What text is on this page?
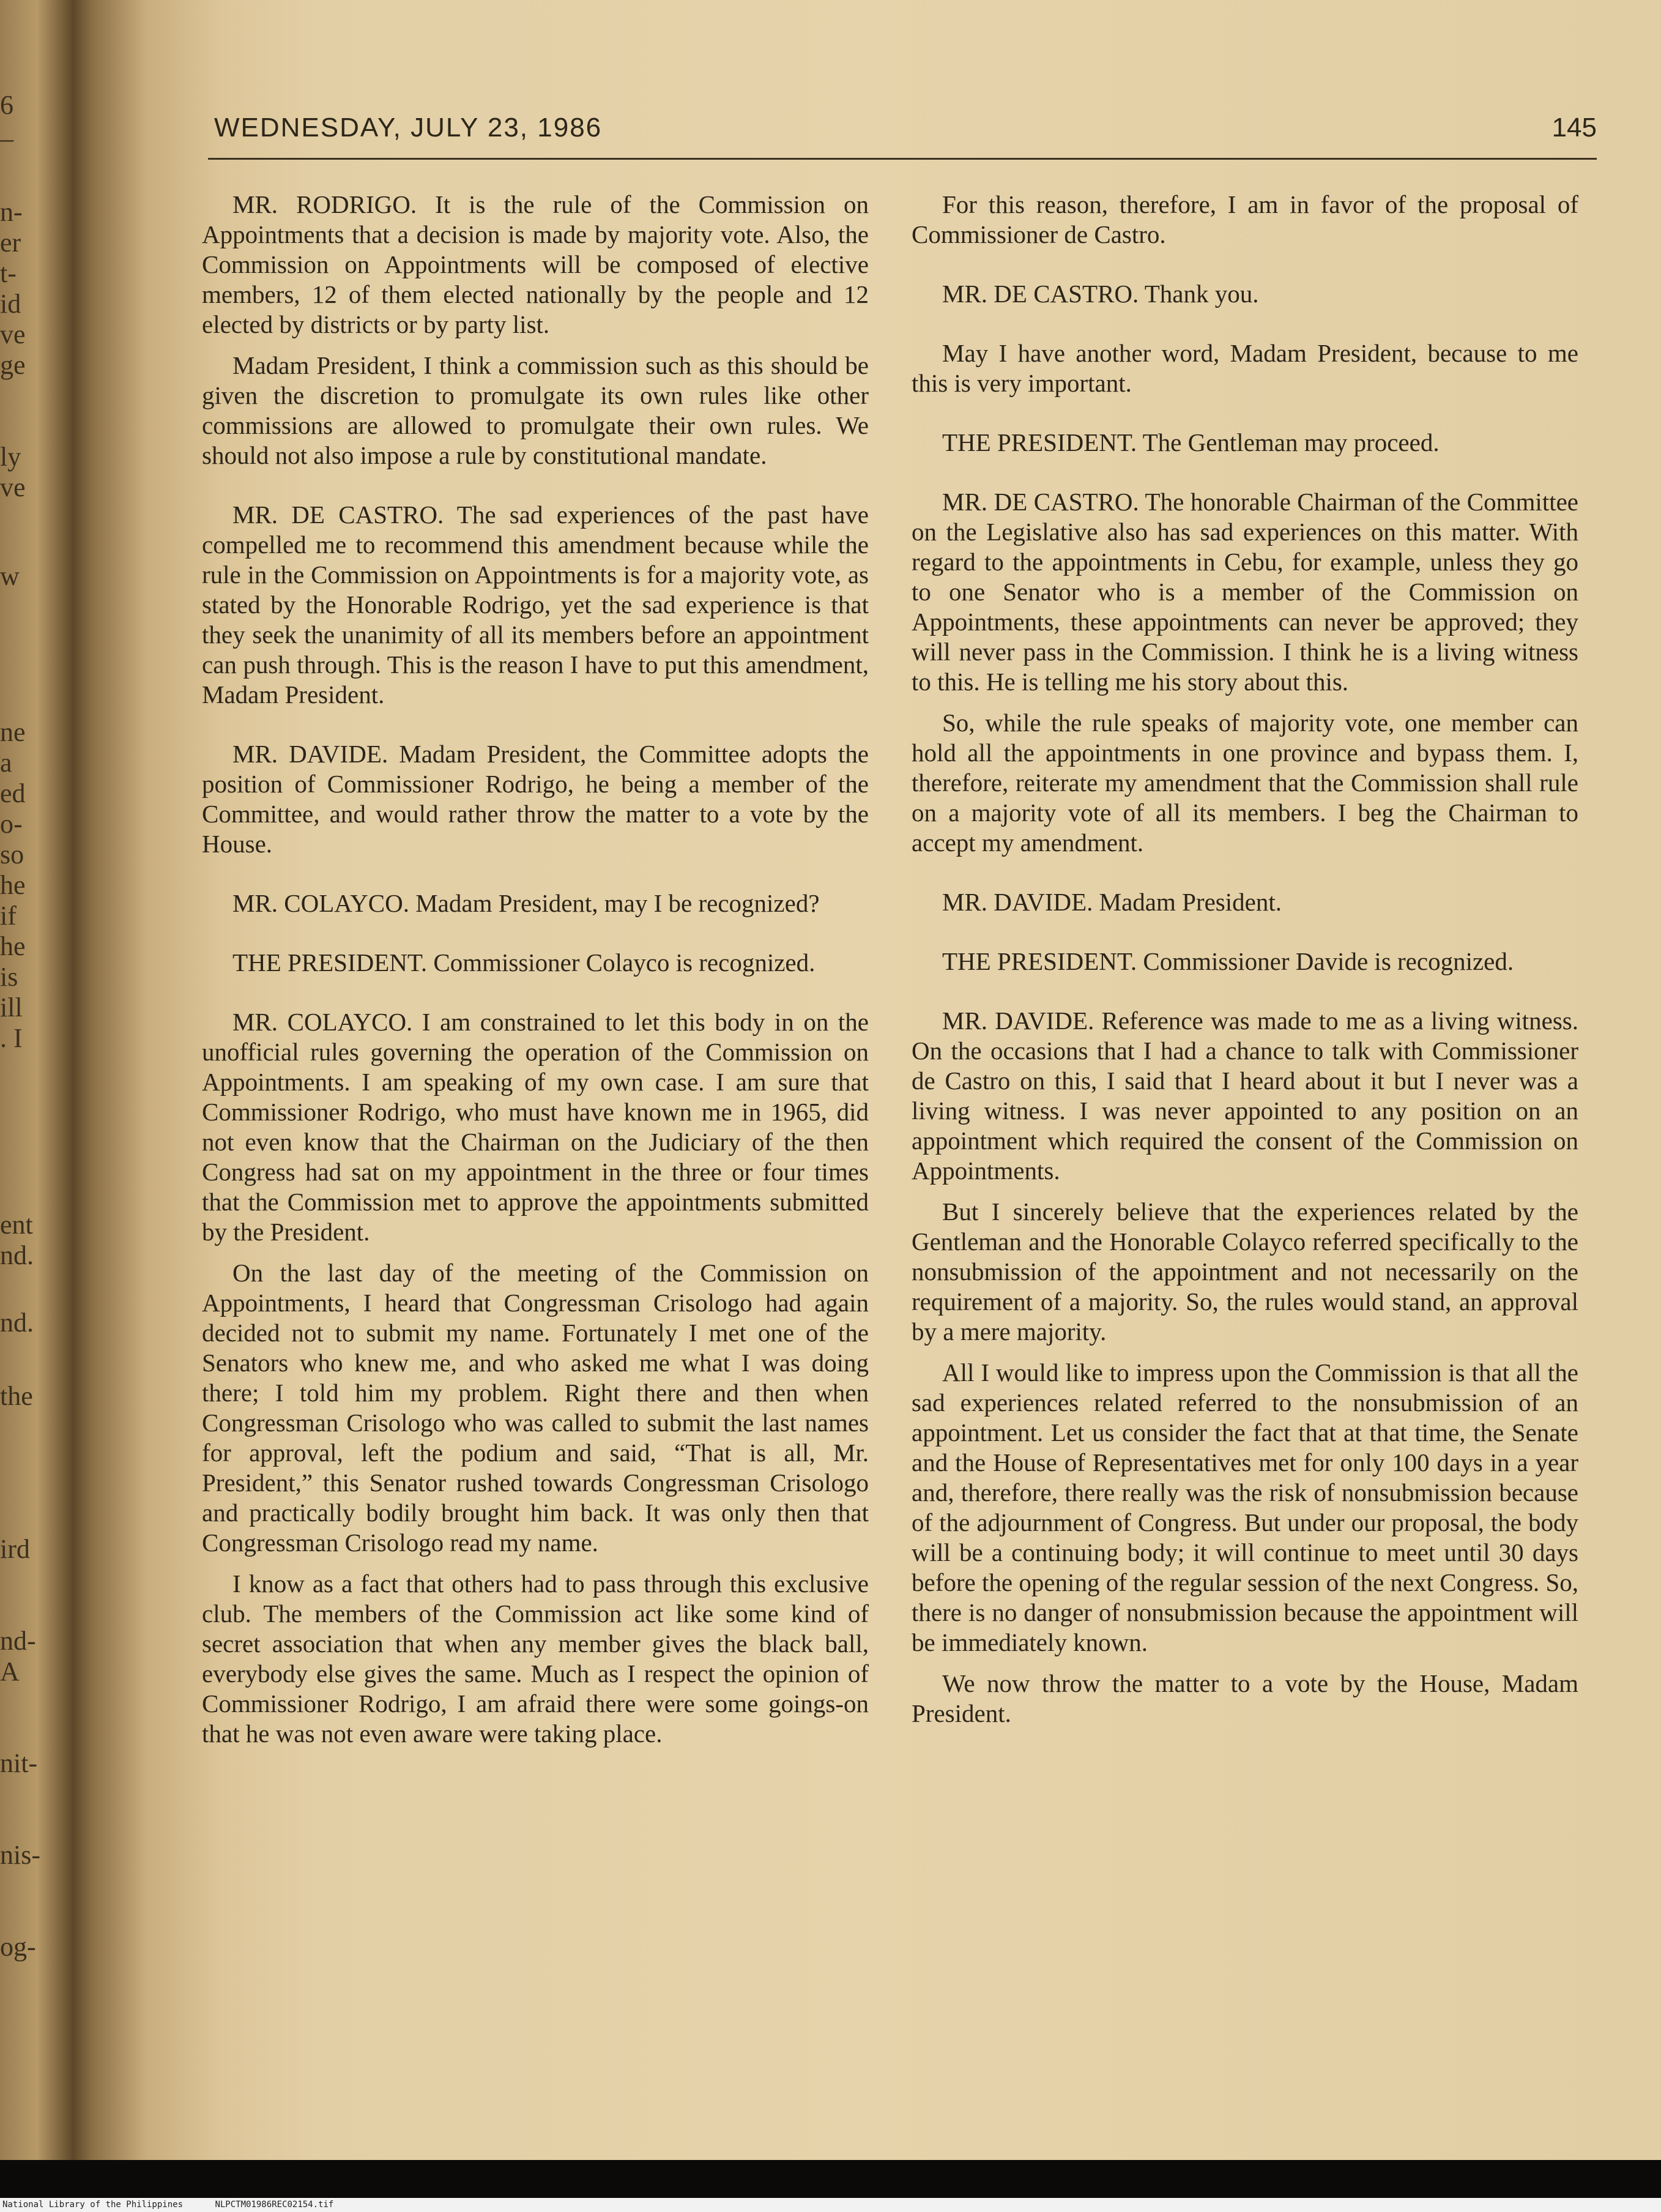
6
–
n-
er
t-
id
ve
ge
ly
ve
w
ne
a
ed
o-
so
he
if
he
is
ill
. I
ent
nd.
nd.
the
ird
nd-
A
nit-
nis-
og-
WEDNESDAY, JULY 23, 1986	145

MR. RODRIGO. It is the rule of the Commission on Appointments that a decision is made by majority vote. Also, the Commission on Appointments will be composed of elective members, 12 of them elected nationally by the people and 12 elected by districts or by party list.

Madam President, I think a commission such as this should be given the discretion to promulgate its own rules like other commissions are allowed to promulgate their own rules. We should not also impose a rule by constitutional mandate.

MR. DE CASTRO. The sad experiences of the past have compelled me to recommend this amendment because while the rule in the Commission on Appointments is for a majority vote, as stated by the Honorable Rodrigo, yet the sad experience is that they seek the unanimity of all its members before an appointment can push through. This is the reason I have to put this amendment, Madam President.

MR. DAVIDE. Madam President, the Committee adopts the position of Commissioner Rodrigo, he being a member of the Committee, and would rather throw the matter to a vote by the House.

MR. COLAYCO. Madam President, may I be recognized?

THE PRESIDENT. Commissioner Colayco is recognized.

MR. COLAYCO. I am constrained to let this body in on the unofficial rules governing the operation of the Commission on Appointments. I am speaking of my own case. I am sure that Commissioner Rodrigo, who must have known me in 1965, did not even know that the Chairman on the Judiciary of the then Congress had sat on my appointment in the three or four times that the Commission met to approve the appointments submitted by the President.

On the last day of the meeting of the Commission on Appointments, I heard that Congressman Crisologo had again decided not to submit my name. Fortunately I met one of the Senators who knew me, and who asked me what I was doing there; I told him my problem. Right there and then when Congressman Crisologo who was called to submit the last names for approval, left the podium and said, “That is all, Mr. President,” this Senator rushed towards Congressman Crisologo and practically bodily brought him back. It was only then that Congressman Crisologo read my name.

I know as a fact that others had to pass through this exclusive club. The members of the Commission act like some kind of secret association that when any member gives the black ball, everybody else gives the same. Much as I respect the opinion of Commissioner Rodrigo, I am afraid there were some goings-on that he was not even aware were taking place.

For this reason, therefore, I am in favor of the proposal of Commissioner de Castro.

MR. DE CASTRO. Thank you.

May I have another word, Madam President, because to me this is very important.

THE PRESIDENT. The Gentleman may proceed.

MR. DE CASTRO. The honorable Chairman of the Committee on the Legislative also has sad experiences on this matter. With regard to the appointments in Cebu, for example, unless they go to one Senator who is a member of the Commission on Appointments, these appointments can never be approved; they will never pass in the Commission. I think he is a living witness to this. He is telling me his story about this.

So, while the rule speaks of majority vote, one member can hold all the appointments in one province and bypass them. I, therefore, reiterate my amendment that the Commission shall rule on a majority vote of all its members. I beg the Chairman to accept my amendment.

MR. DAVIDE. Madam President.

THE PRESIDENT. Commissioner Davide is recognized.

MR. DAVIDE. Reference was made to me as a living witness. On the occasions that I had a chance to talk with Commissioner de Castro on this, I said that I heard about it but I never was a living witness. I was never appointed to any position on an appointment which required the consent of the Commission on Appointments.

But I sincerely believe that the experiences related by the Gentleman and the Honorable Colayco referred specifically to the nonsubmission of the appointment and not necessarily on the requirement of a majority. So, the rules would stand, an approval by a mere majority.

All I would like to impress upon the Commission is that all the sad experiences related referred to the nonsubmission of an appointment. Let us consider the fact that at that time, the Senate and the House of Representatives met for only 100 days in a year and, therefore, there really was the risk of nonsubmission because of the adjournment of Congress. But under our proposal, the body will be a continuing body; it will continue to meet until 30 days before the opening of the regular session of the next Congress. So, there is no danger of nonsubmission because the appointment will be immediately known.

We now throw the matter to a vote by the House, Madam President.

National Library of the Philippines	NLPCTM01986REC02154.tif
